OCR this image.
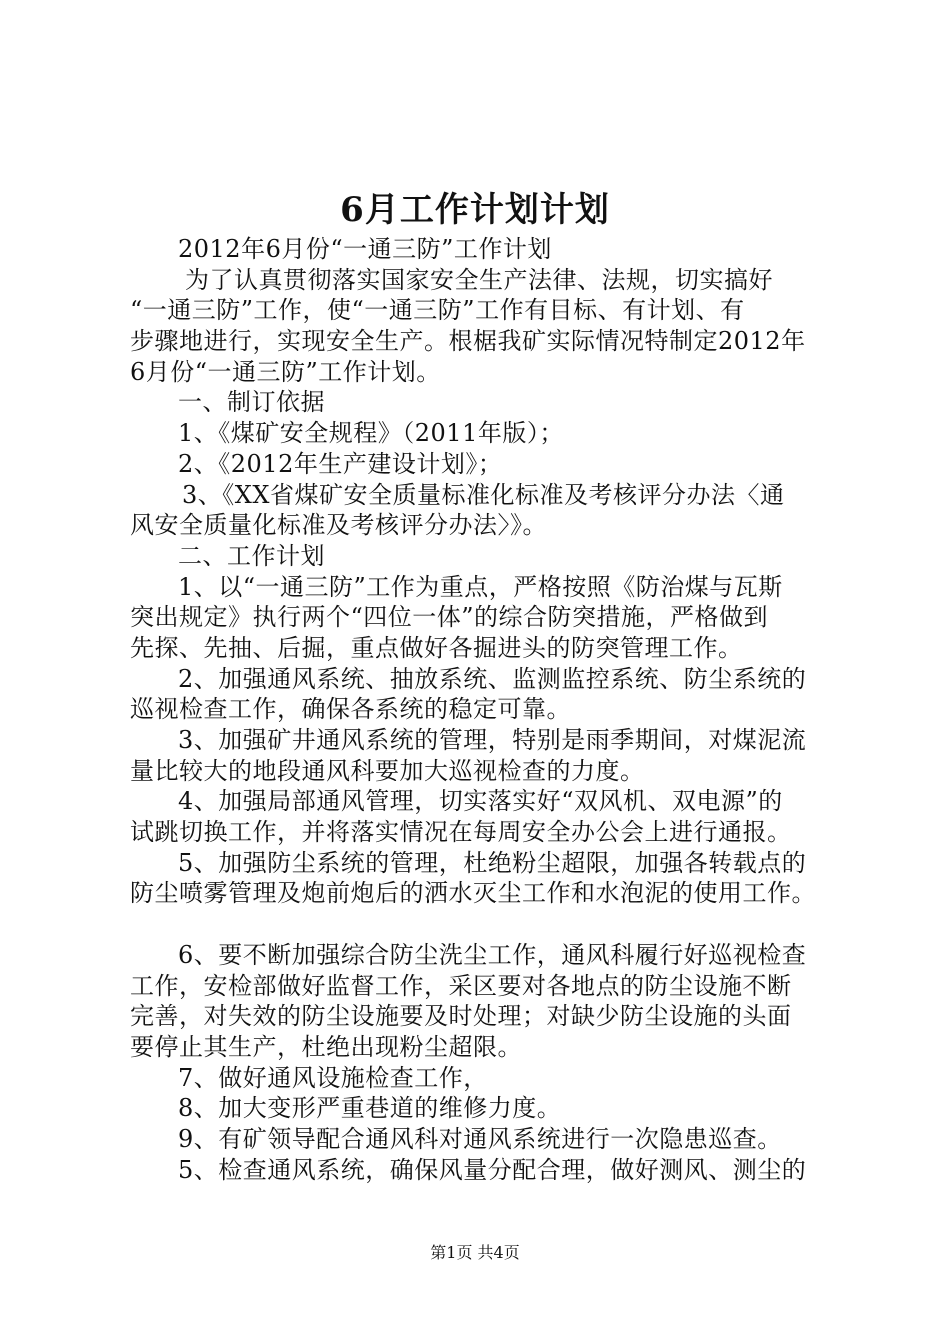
6月工作计划计划
2012年6月份“一通三防”工作计划
为了认真贯彻落实国家安全生产法律、法规，切实搞好
“一通三防”工作，使“一通三防”工作有目标、有计划、有
步骤地进行，实现安全生产。根椐我矿实际情况特制定2012年
6月份“一通三防”工作计划。
一、制订依据
1、《煤矿安全规程》（2011年版）；
2、《2012年生产建设计划》；
3、《XX省煤矿安全质量标准化标准及考核评分办法〈通
风安全质量化标准及考核评分办法〉》。
二、工作计划
1、以“一通三防”工作为重点，严格按照《防治煤与瓦斯
突出规定》执行两个“四位一体”的综合防突措施，严格做到
先探、先抽、后掘，重点做好各掘进头的防突管理工作。
2、加强通风系统、抽放系统、监测监控系统、防尘系统的
巡视检查工作，确保各系统的稳定可靠。
3、加强矿井通风系统的管理，特别是雨季期间，对煤泥流
量比较大的地段通风科要加大巡视检查的力度。
4、加强局部通风管理，切实落实好“双风机、双电源”的
试跳切换工作，并将落实情况在每周安全办公会上进行通报。
5、加强防尘系统的管理，杜绝粉尘超限，加强各转载点的
防尘喷雾管理及炮前炮后的洒水灭尘工作和水泡泥的使用工作。
6、要不断加强综合防尘洗尘工作，通风科履行好巡视检查
工作，安检部做好监督工作，采区要对各地点的防尘设施不断
完善，对失效的防尘设施要及时处理；对缺少防尘设施的头面
要停止其生产，杜绝出现粉尘超限。
7、做好通风设施检查工作，
8、加大变形严重巷道的维修力度。
9、有矿领导配合通风科对通风系统进行一次隐患巡查。
5、检查通风系统，确保风量分配合理，做好测风、测尘的
第1页 共4页
